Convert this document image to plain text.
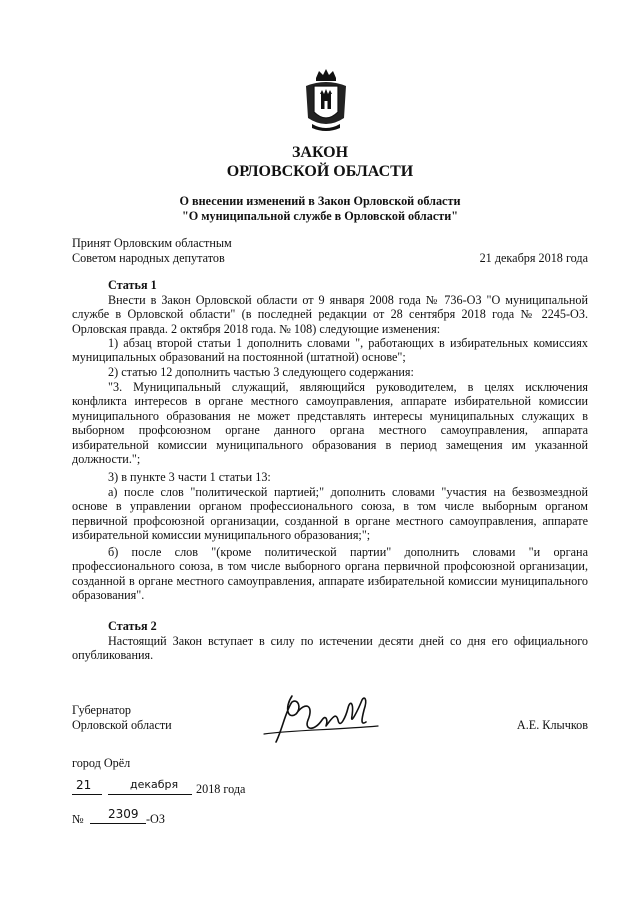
ЗАКОН
ОРЛОВСКОЙ ОБЛАСТИ
О внесении изменений в Закон Орловской области
"О муниципальной службе в Орловской области"
Принят Орловским областным
Советом народных депутатов	21 декабря 2018 года
Статья 1
Внести в Закон Орловской области от 9 января 2008 года № 736-ОЗ "О муниципальной службе в Орловской области" (в последней редакции от 28 сентября 2018 года № 2245-ОЗ. Орловская правда. 2 октября 2018 года. № 108) следующие изменения:
1) абзац второй статьи 1 дополнить словами ", работающих в избирательных комиссиях муниципальных образований на постоянной (штатной) основе";
2) статью 12 дополнить частью 3 следующего содержания:
"3. Муниципальный служащий, являющийся руководителем, в целях исключения конфликта интересов в органе местного самоуправления, аппарате избирательной комиссии муниципального образования не может представлять интересы муниципальных служащих в выборном профсоюзном органе данного органа местного самоуправления, аппарата избирательной комиссии муниципального образования в период замещения им указанной должности.";
3) в пункте 3 части 1 статьи 13:
а) после слов "политической партией;" дополнить словами "участия на безвозмездной основе в управлении органом профессионального союза, в том числе выборным органом первичной профсоюзной организации, созданной в органе местного самоуправления, аппарате избирательной комиссии муниципального образования;";
б) после слов "(кроме политической партии" дополнить словами "и органа профессионального союза, в том числе выборного органа первичной профсоюзной организации, созданной в органе местного самоуправления, аппарате избирательной комиссии муниципального образования".
Статья 2
Настоящий Закон вступает в силу по истечении десяти дней со дня его официального опубликования.
Губернатор
Орловской области	А.Е. Клычков
город Орёл
21	декабря 2018 года
№ 2309 -ОЗ
